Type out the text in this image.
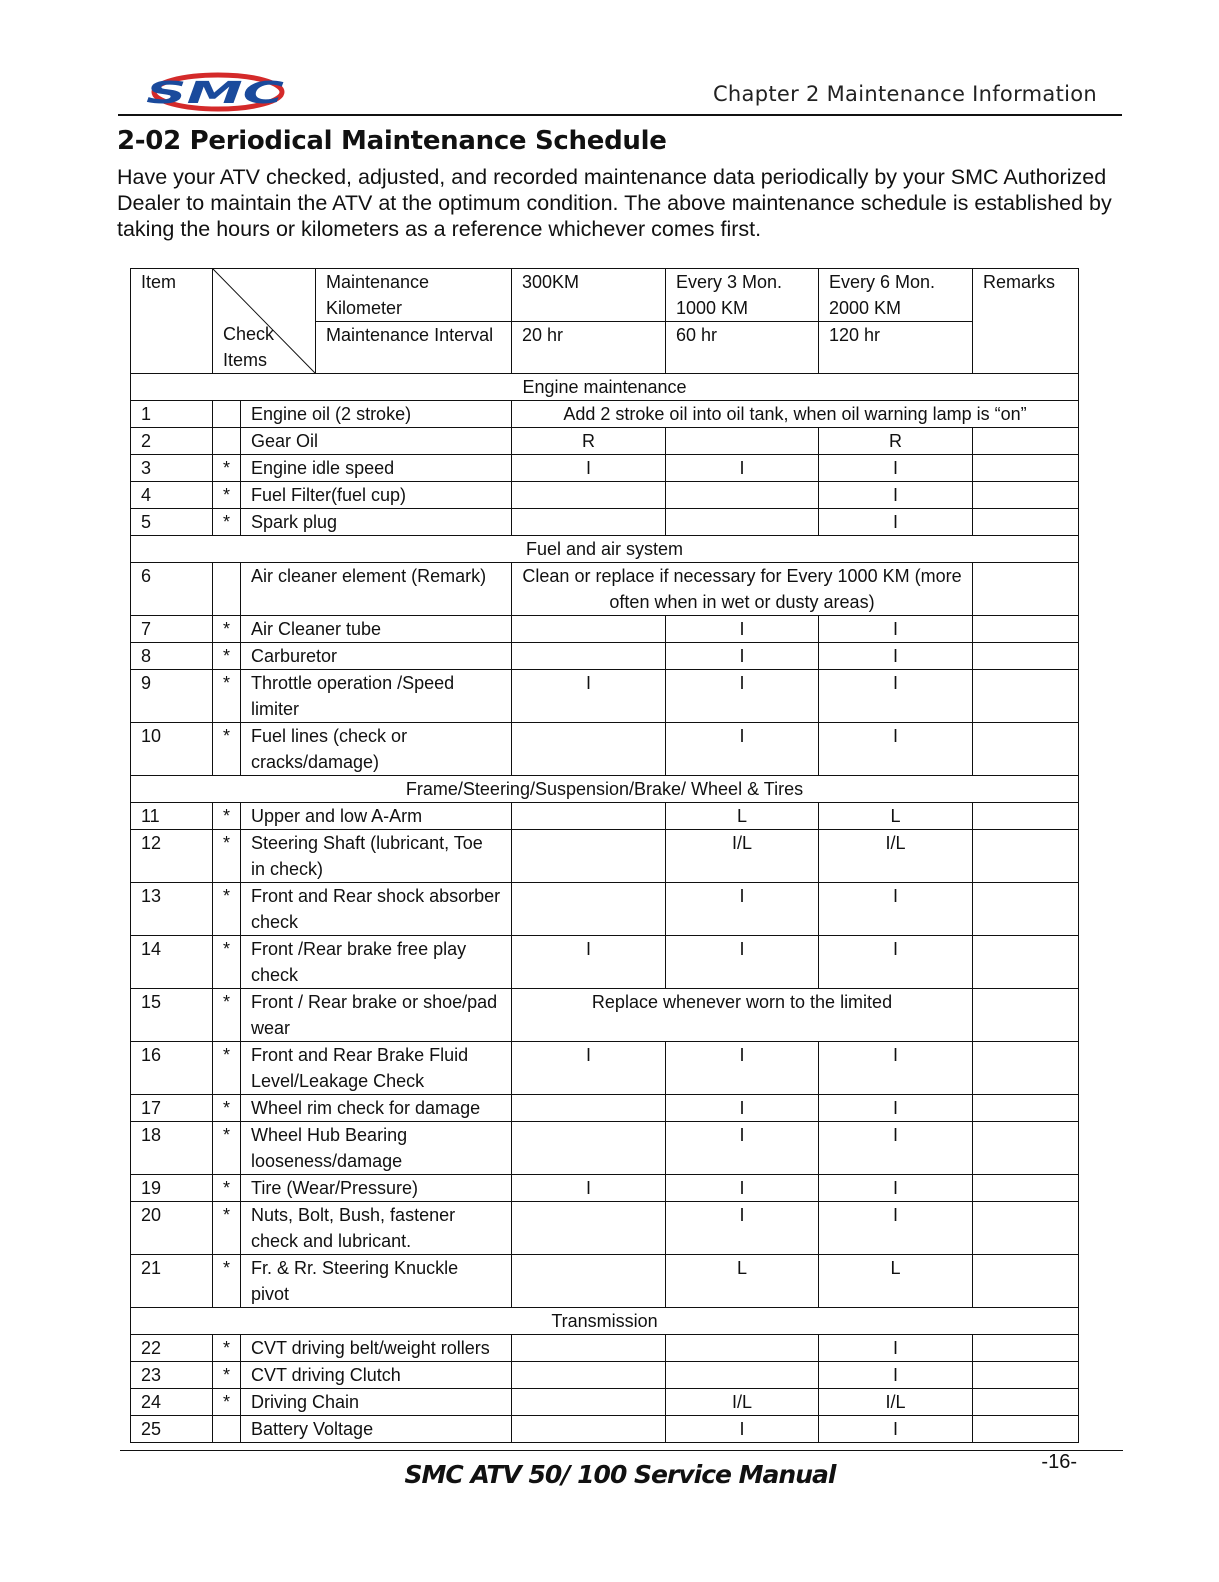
SMC	Chapter 2 Maintenance Information
2-02 Periodical Maintenance Schedule

Have your ATV checked, adjusted, and recorded maintenance data periodically by your SMC Authorized Dealer to maintain the ATV at the optimum condition. The above maintenance schedule is established by taking the hours or kilometers as a reference whichever comes first.

Item	Check Items		Maintenance Kilometer	300KM	Every 3 Mon. 1000 KM	Every 6 Mon. 2000 KM	Remarks
			Maintenance Interval	20 hr	60 hr	120 hr	
Engine maintenance							
1		Engine oil (2 stroke)		Add 2 stroke oil into oil tank, when oil warning lamp is “on”			
2		Gear Oil		R		R	
3	*	Engine idle speed		I	I	I	
4	*	Fuel Filter(fuel cup)				I	
5	*	Spark plug				I	
Fuel and air system							
6		Air cleaner element (Remark)		Clean or replace if necessary for Every 1000 KM (more often when in wet or dusty areas)			
7	*	Air Cleaner tube			I	I	
8	*	Carburetor			I	I	
9	*	Throttle operation /Speed limiter		I	I	I	
10	*	Fuel lines (check or cracks/damage)			I	I	
Frame/Steering/Suspension/Brake/ Wheel & Tires							
11	*	Upper and low A-Arm			L	L	
12	*	Steering Shaft (lubricant, Toe in check)			I/L	I/L	
13	*	Front and Rear shock absorber check			I	I	
14	*	Front /Rear brake free play check		I	I	I	
15	*	Front / Rear brake or shoe/pad wear		Replace whenever worn to the limited			
16	*	Front and Rear Brake Fluid Level/Leakage Check		I	I	I	
17	*	Wheel rim check for damage			I	I	
18	*	Wheel Hub Bearing looseness/damage			I	I	
19	*	Tire (Wear/Pressure)		I	I	I	
20	*	Nuts, Bolt, Bush, fastener check and lubricant.			I	I	
21	*	Fr. & Rr. Steering Knuckle pivot			L	L	
Transmission							
22	*	CVT driving belt/weight rollers				I	
23	*	CVT driving Clutch				I	
24	*	Driving Chain			I/L	I/L	
25		Battery Voltage			I	I	
SMC ATV 50/ 100 Service Manual	-16-
